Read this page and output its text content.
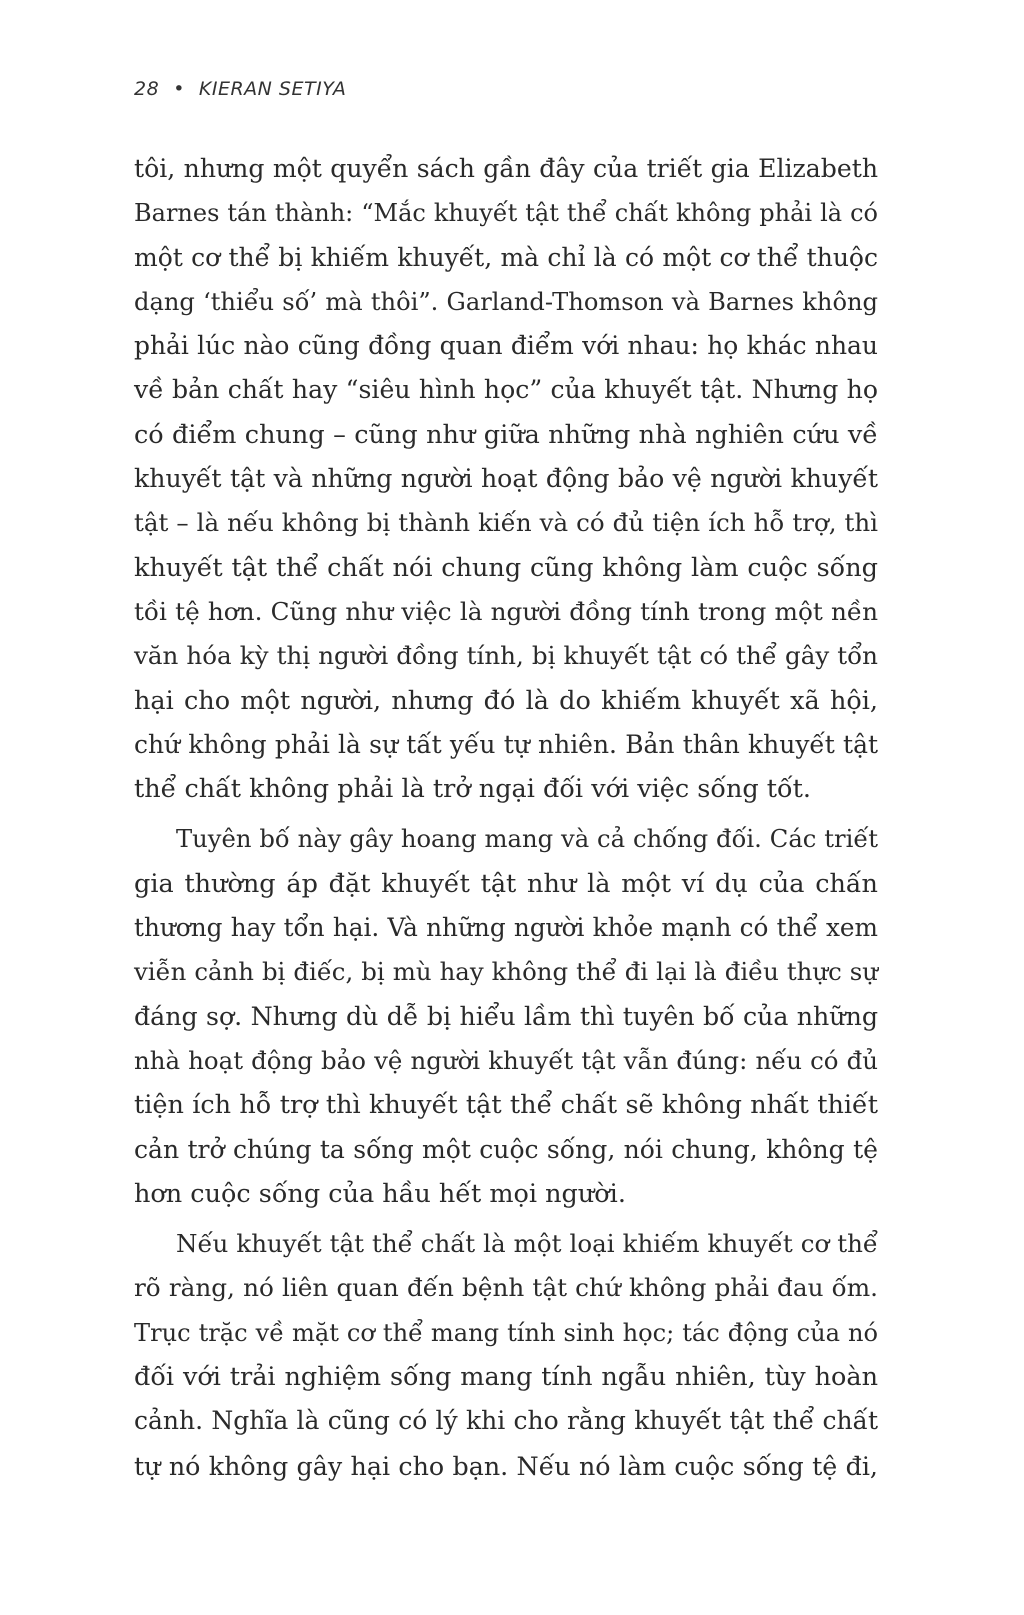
28 • KIERAN SETIYA
tôi, nhưng một quyển sách gần đây của triết gia Elizabeth
Barnes tán thành: “Mắc khuyết tật thể chất không phải là có
một cơ thể bị khiếm khuyết, mà chỉ là có một cơ thể thuộc
dạng ‘thiểu số’ mà thôi”. Garland-Thomson và Barnes không
phải lúc nào cũng đồng quan điểm với nhau: họ khác nhau
về bản chất hay “siêu hình học” của khuyết tật. Nhưng họ
có điểm chung – cũng như giữa những nhà nghiên cứu về
khuyết tật và những người hoạt động bảo vệ người khuyết
tật – là nếu không bị thành kiến và có đủ tiện ích hỗ trợ, thì
khuyết tật thể chất nói chung cũng không làm cuộc sống
tồi tệ hơn. Cũng như việc là người đồng tính trong một nền
văn hóa kỳ thị người đồng tính, bị khuyết tật có thể gây tổn
hại cho một người, nhưng đó là do khiếm khuyết xã hội,
chứ không phải là sự tất yếu tự nhiên. Bản thân khuyết tật
thể chất không phải là trở ngại đối với việc sống tốt.
Tuyên bố này gây hoang mang và cả chống đối. Các triết
gia thường áp đặt khuyết tật như là một ví dụ của chấn
thương hay tổn hại. Và những người khỏe mạnh có thể xem
viễn cảnh bị điếc, bị mù hay không thể đi lại là điều thực sự
đáng sợ. Nhưng dù dễ bị hiểu lầm thì tuyên bố của những
nhà hoạt động bảo vệ người khuyết tật vẫn đúng: nếu có đủ
tiện ích hỗ trợ thì khuyết tật thể chất sẽ không nhất thiết
cản trở chúng ta sống một cuộc sống, nói chung, không tệ
hơn cuộc sống của hầu hết mọi người.
Nếu khuyết tật thể chất là một loại khiếm khuyết cơ thể
rõ ràng, nó liên quan đến bệnh tật chứ không phải đau ốm.
Trục trặc về mặt cơ thể mang tính sinh học; tác động của nó
đối với trải nghiệm sống mang tính ngẫu nhiên, tùy hoàn
cảnh. Nghĩa là cũng có lý khi cho rằng khuyết tật thể chất
tự nó không gây hại cho bạn. Nếu nó làm cuộc sống tệ đi,
